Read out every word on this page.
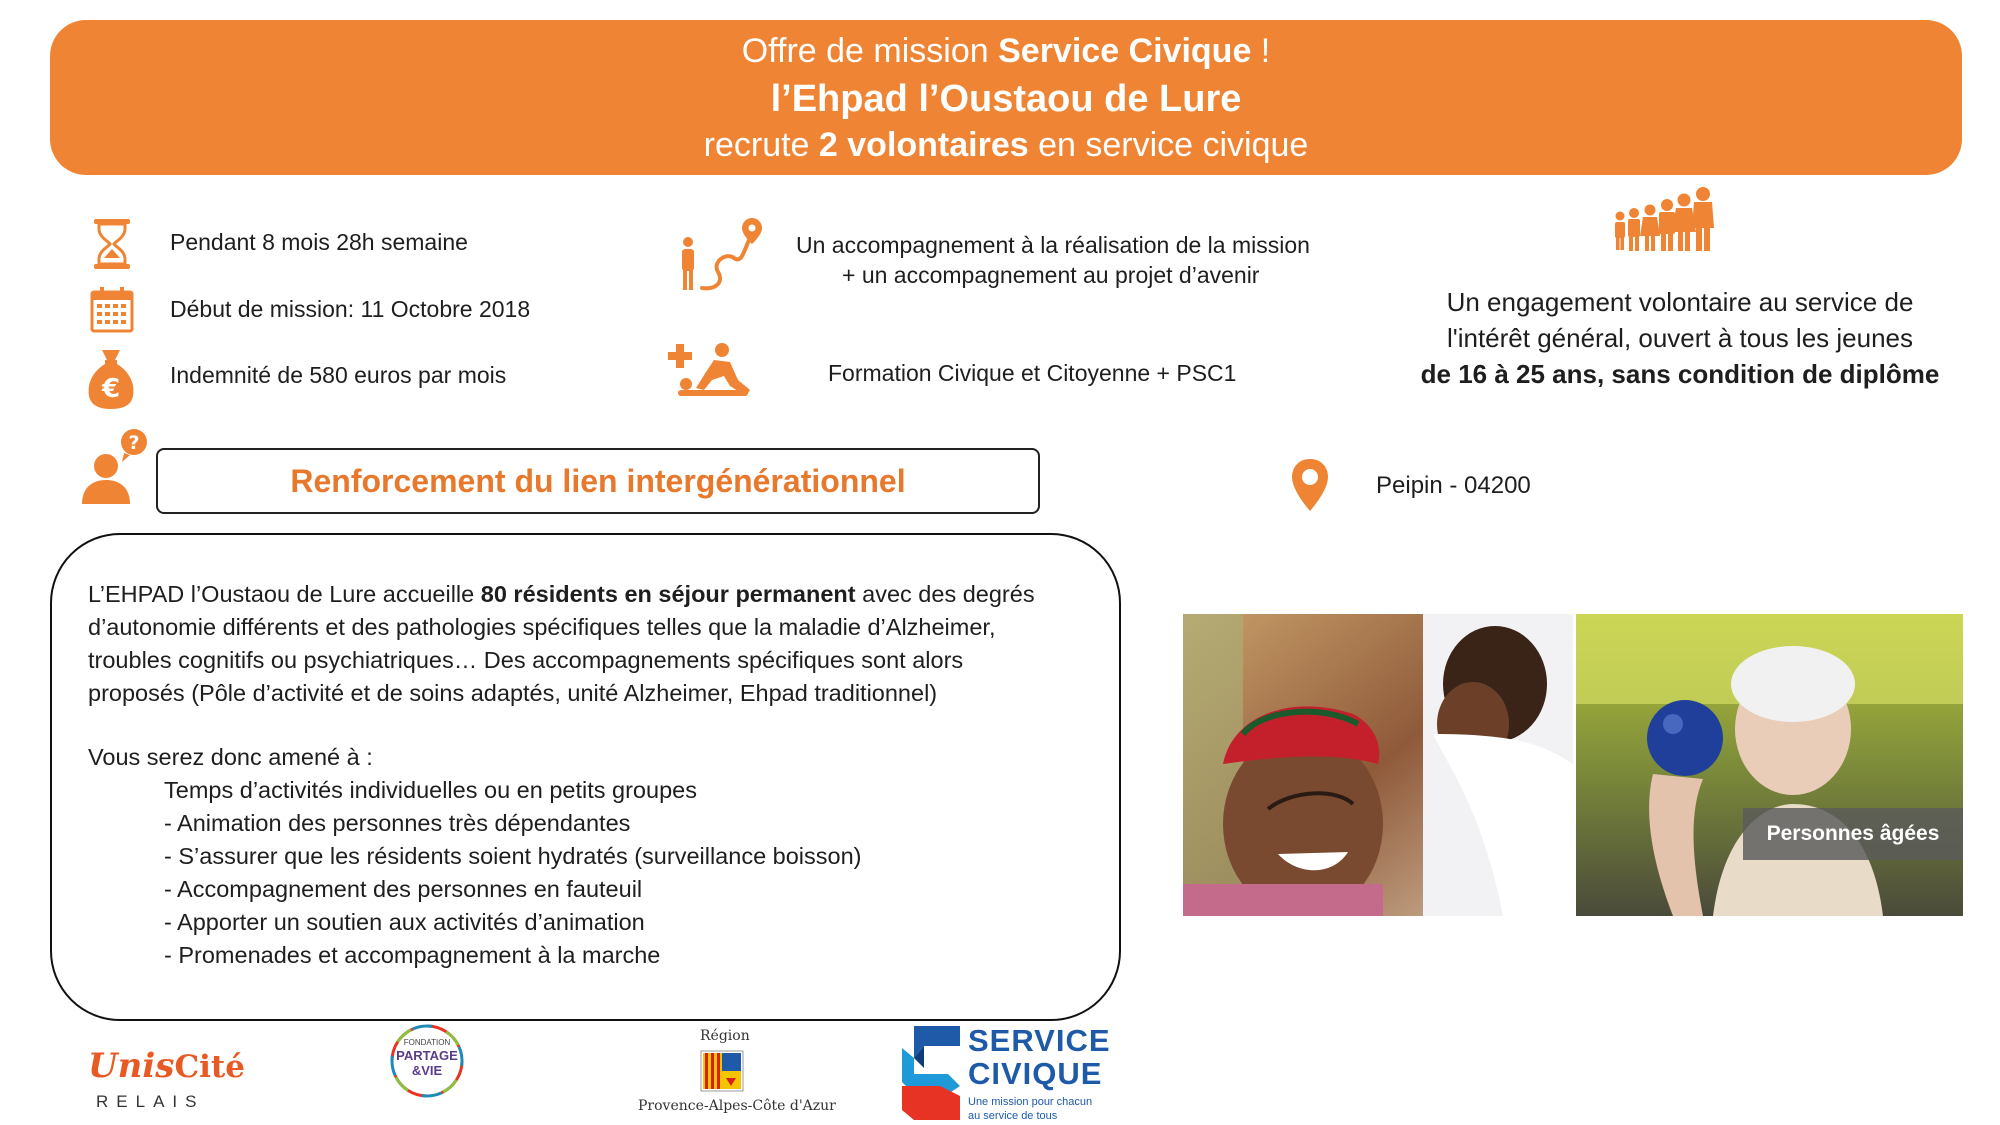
Offre de mission Service Civique !
l’Ehpad l’Oustaou de Lure
recrute 2 volontaires en service civique
Pendant 8 mois 28h semaine
Début de mission: 11 Octobre 2018
€ Indemnité de 580 euros par mois
Un accompagnement à la réalisation de la mission
+ un accompagnement au projet d’avenir
Formation Civique et Citoyenne + PSC1
Un engagement volontaire au service de
l'intérêt général, ouvert à tous les jeunes
de 16 à 25 ans, sans condition de diplôme
?
Renforcement du lien intergénérationnel	Peipin - 04200

L’EHPAD l’Oustaou de Lure accueille 80 résidents en séjour permanent avec des degrés

d’autonomie différents et des pathologies spécifiques telles que la maladie d’Alzheimer,

troubles cognitifs ou psychiatriques… Des accompagnements spécifiques sont alors

proposés (Pôle d’activité et de soins adaptés, unité Alzheimer, Ehpad traditionnel)

Vous serez donc amené à :

Temps d’activités individuelles ou en petits groupes

- Animation des personnes très dépendantes

- S’assurer que les résidents soient hydratés (surveillance boisson)

- Accompagnement des personnes en fauteuil

- Apporter un soutien aux activités d’animation

- Promenades et accompagnement à la marche

Personnes âgées
UnisCité
RELAIS
FONDATION
PARTAGE
&VIE
Région
Provence-Alpes-Côte d'Azur
SERVICE
CIVIQUE
Une mission pour chacun
au service de tous
